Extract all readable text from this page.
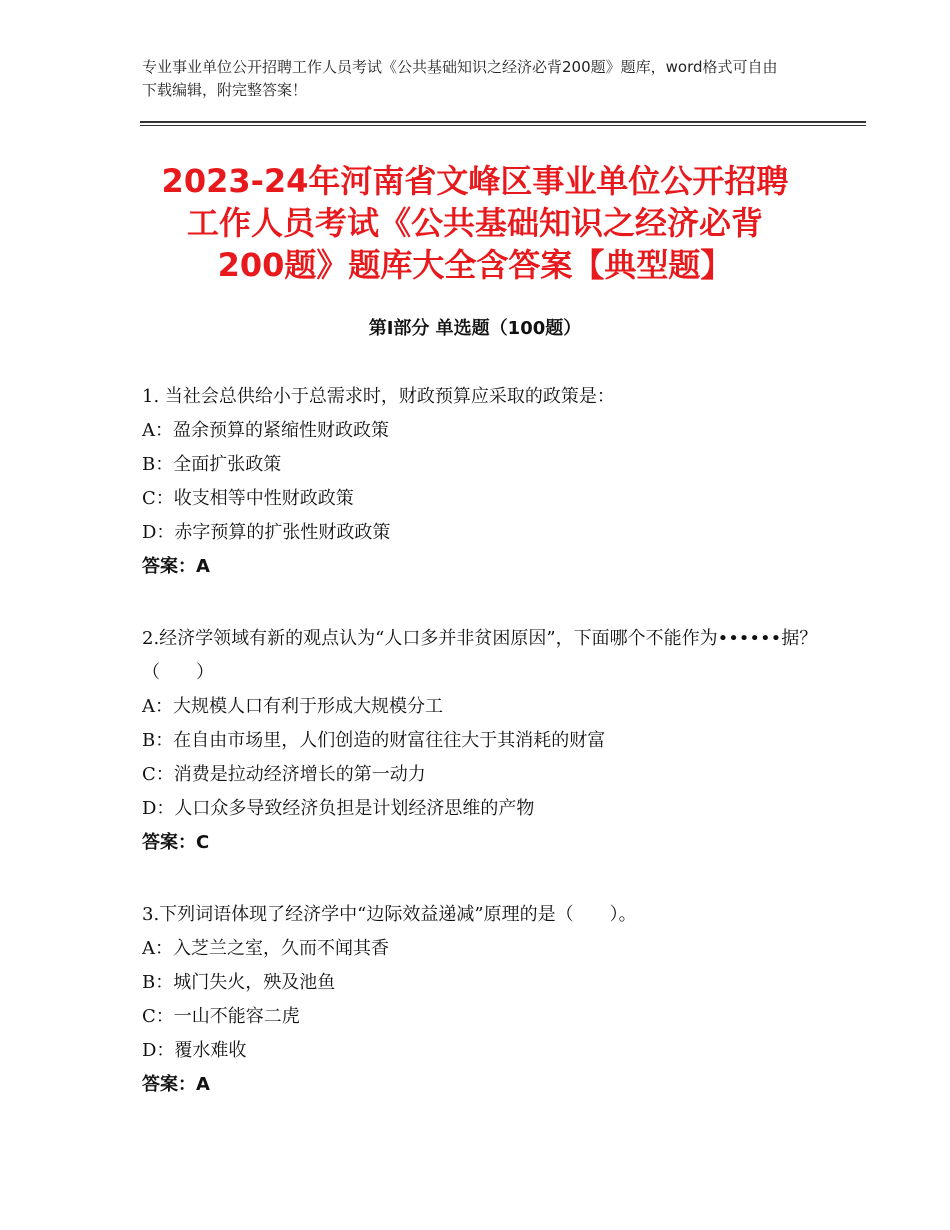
专业事业单位公开招聘工作人员考试《公共基础知识之经济必背200题》题库，word格式可自由下载编辑，附完整答案！
2023-24年河南省文峰区事业单位公开招聘
工作人员考试《公共基础知识之经济必背
200题》题库大全含答案【典型题】
第Ⅰ部分 单选题（100题）
1. 当社会总供给小于总需求时，财政预算应采取的政策是：
A：盈余预算的紧缩性财政政策
B：全面扩张政策
C：收支相等中性财政政策
D：赤字预算的扩张性财政政策
答案：A
2.经济学领域有新的观点认为“人口多并非贫困原因”，下面哪个不能作为••••••据？（　　）
A：大规模人口有利于形成大规模分工
B：在自由市场里，人们创造的财富往往大于其消耗的财富
C：消费是拉动经济增长的第一动力
D：人口众多导致经济负担是计划经济思维的产物
答案：C
3.下列词语体现了经济学中“边际效益递减”原理的是（　　）。
A：入芝兰之室，久而不闻其香
B：城门失火，殃及池鱼
C：一山不能容二虎
D：覆水难收
答案：A
